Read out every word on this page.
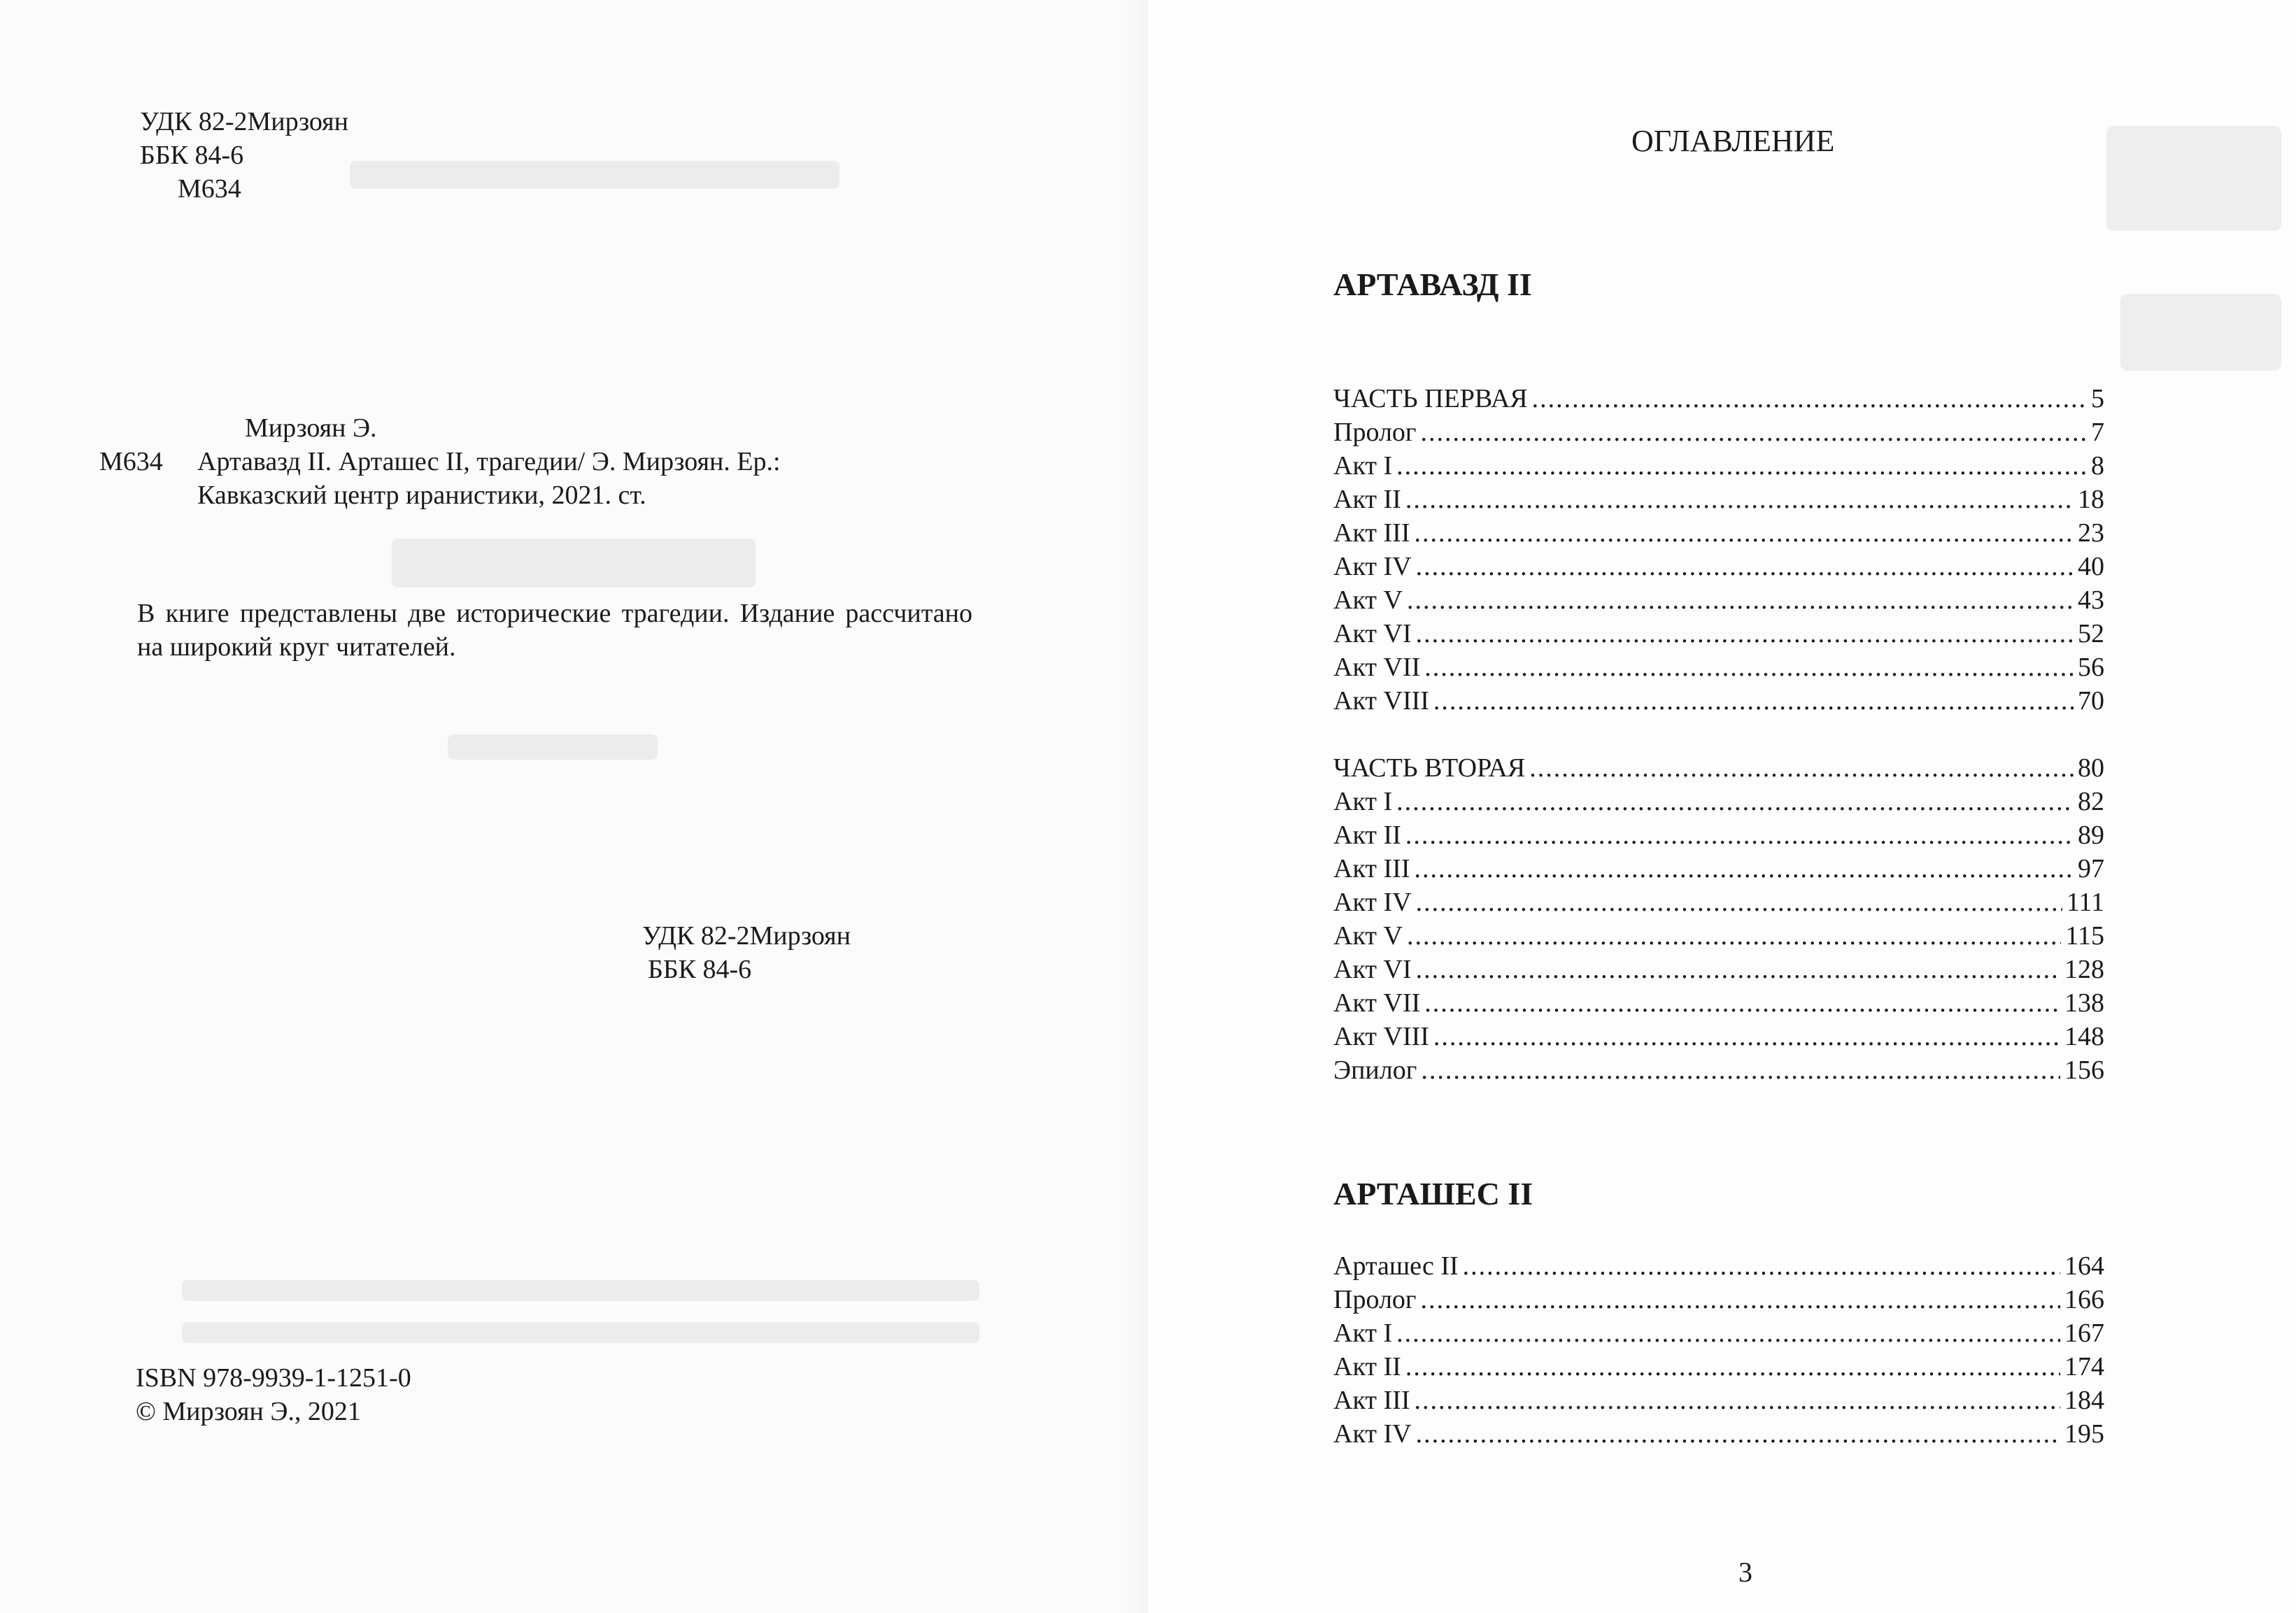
УДК 82-2Мирзоян
ББК 84-6
М634
Мирзоян Э.
М634 Артавазд II. Арташес II, трагедии/ Э. Мирзоян. Ер.:
Кавказский центр иранистики, 2021. ст.
В книге представлены две исторические трагедии. Издание рассчитано на широкий круг читателей.
УДК 82-2Мирзоян
ББК 84-6
ISBN 978-9939-1-1251-0
© Мирзоян Э., 2021
ОГЛАВЛЕНИЕ
АРТАВАЗД II
ЧАСТЬ ПЕРВАЯ .....	5
Пролог .....	7
Акт I .....	8
Акт II .....	18
Акт III .....	23
Акт IV .....	40
Акт V .....	43
Акт VI .....	52
Акт VII .....	56
Акт VIII .....	70
ЧАСТЬ ВТОРАЯ .....	80
Акт I .....	82
Акт II .....	89
Акт III .....	97
Акт IV .....	111
Акт V .....	115
Акт VI .....	128
Акт VII .....	138
Акт VIII .....	148
Эпилог .....	156
АРТАШЕС II
Арташес II .....	164
Пролог .....	166
Акт I .....	167
Акт II .....	174
Акт III .....	184
Акт IV .....	195
3
